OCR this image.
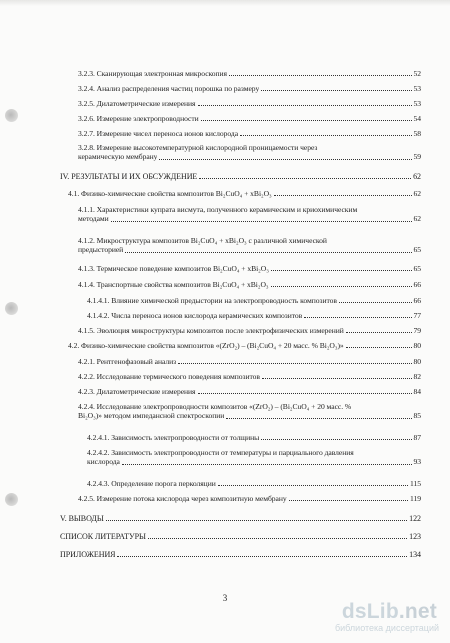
3.2.3. Сканирующая электронная микроскопия	52
3.2.4. Анализ распределения частиц порошка по размеру	53
3.2.5. Дилатометрические измерения	53
3.2.6. Измерение электропроводности	54
3.2.7. Измерение чисел переноса ионов кислорода	58
3.2.8. Измерение высокотемпературной кислородной проницаемости через
керамическую мембрану	59
IV. РЕЗУЛЬТАТЫ И ИХ ОБСУЖДЕНИЕ	62
4.1. Физико-химические свойства композитов Bi₂CuO₄ + xBi₂O₃	62
4.1.1. Характеристики купрата висмута, полученного керамическим и криохимическим
методами	62
4.1.2. Микроструктура композитов Bi₂CuO₄ + xBi₂O₃ с различной химической
предысторией	65
4.1.3. Термическое поведение композитов Bi₂CuO₄ + xBi₂O₃	65
4.1.4. Транспортные свойства композитов Bi₂CuO₄ + xBi₂O₃	66
4.1.4.1. Влияние химической предыстории на электропроводность композитов	66
4.1.4.2. Числа переноса ионов кислорода керамических композитов	77
4.1.5. Эволюция микроструктуры композитов после электрофизических измерений	79
4.2. Физико-химические свойства композитов «(ZrO₂) – (Bi₂CuO₄ + 20 масс. % Bi₂O₃)»	80
4.2.1. Рентгенофазовый анализ	80
4.2.2. Исследование термического поведения композитов	82
4.2.3. Дилатометрические измерения	84
4.2.4. Исследование электропроводности композитов «(ZrO₂) – (Bi₂CuO₄ + 20 масс. %
Bi₂O₃)» методом импедансной спектроскопии	85
4.2.4.1. Зависимость электропроводности от толщины	87
4.2.4.2. Зависимость электропроводности от температуры и парциального давления
кислорода	93
4.2.4.3. Определение порога перколяции	115
4.2.5. Измерение потока кислорода через композитную мембрану	119
V. ВЫВОДЫ	122
СПИСОК ЛИТЕРАТУРЫ	123
ПРИЛОЖЕНИЯ	134
3
dsLib.net
библиотека диссертаций
